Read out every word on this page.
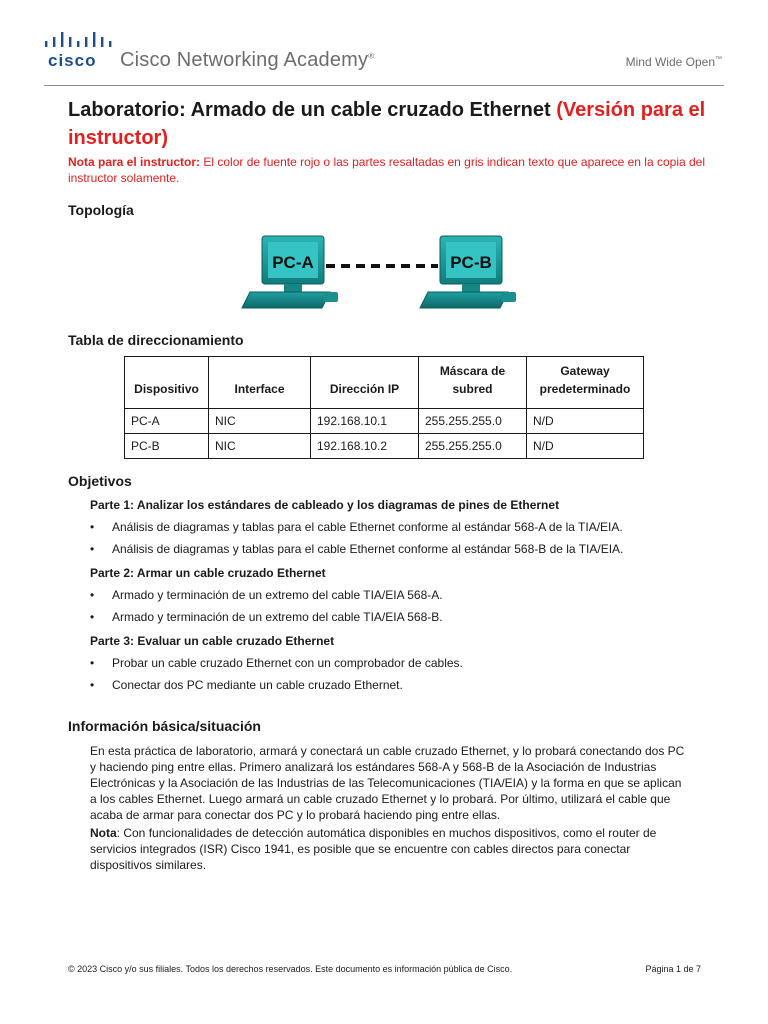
cisco Cisco Networking Academy®	Mind Wide Open™
Laboratorio: Armado de un cable cruzado Ethernet (Versión para el instructor)
Nota para el instructor: El color de fuente rojo o las partes resaltadas en gris indican texto que aparece en la copia del instructor solamente.
Topología
PC-A	PC-B
Tabla de direccionamiento
Dispositivo	Interface	Dirección IP	Máscara de subred	Gateway predeterminado
PC-A	NIC	192.168.10.1	255.255.255.0	N/D
PC-B	NIC	192.168.10.2	255.255.255.0	N/D
Objetivos
Parte 1: Analizar los estándares de cableado y los diagramas de pines de Ethernet
• Análisis de diagramas y tablas para el cable Ethernet conforme al estándar 568-A de la TIA/EIA.
• Análisis de diagramas y tablas para el cable Ethernet conforme al estándar 568-B de la TIA/EIA.
Parte 2: Armar un cable cruzado Ethernet
• Armado y terminación de un extremo del cable TIA/EIA 568-A.
• Armado y terminación de un extremo del cable TIA/EIA 568-B.
Parte 3: Evaluar un cable cruzado Ethernet
• Probar un cable cruzado Ethernet con un comprobador de cables.
• Conectar dos PC mediante un cable cruzado Ethernet.
Información básica/situación

En esta práctica de laboratorio, armará y conectará un cable cruzado Ethernet, y lo probará conectando dos PC y haciendo ping entre ellas. Primero analizará los estándares 568-A y 568-B de la Asociación de Industrias Electrónicas y la Asociación de las Industrias de las Telecomunicaciones (TIA/EIA) y la forma en que se aplican a los cables Ethernet. Luego armará un cable cruzado Ethernet y lo probará. Por último, utilizará el cable que acaba de armar para conectar dos PC y lo probará haciendo ping entre ellas.

Nota: Con funcionalidades de detección automática disponibles en muchos dispositivos, como el router de servicios integrados (ISR) Cisco 1941, es posible que se encuentre con cables directos para conectar dispositivos similares.

© 2023 Cisco y/o sus filiales. Todos los derechos reservados. Este documento es información pública de Cisco.	Página 1 de 7
